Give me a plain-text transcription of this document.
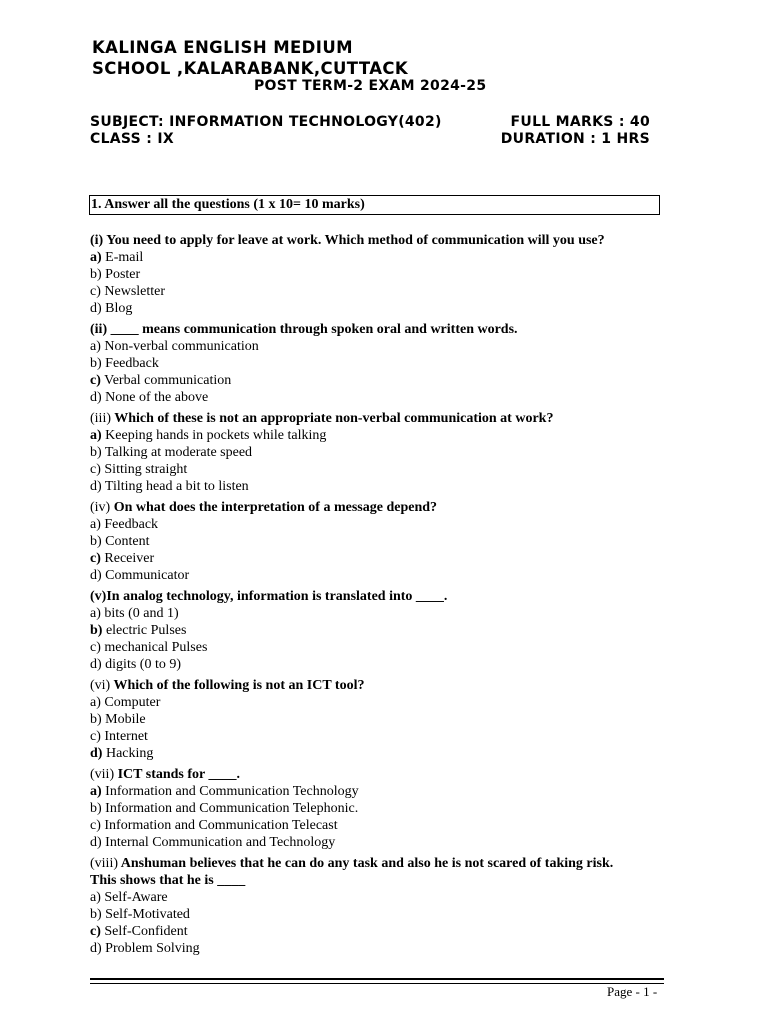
KALINGA ENGLISH MEDIUM
SCHOOL ,KALARABANK,CUTTACK
POST TERM-2 EXAM 2024-25
SUBJECT: INFORMATION TECHNOLOGY(402)
CLASS : IX
FULL MARKS : 40
DURATION : 1 HRS
1. Answer all the questions (1 x 10= 10 marks)
(i) You need to apply for leave at work. Which method of communication will you use?
a) E-mail
b) Poster
c) Newsletter
d) Blog
(ii) ____ means communication through spoken oral and written words.
a) Non-verbal communication
b) Feedback
c) Verbal communication
d) None of the above
(iii) Which of these is not an appropriate non-verbal communication at work?
a) Keeping hands in pockets while talking
b) Talking at moderate speed
c) Sitting straight
d) Tilting head a bit to listen
(iv) On what does the interpretation of a message depend?
a) Feedback
b) Content
c) Receiver
d) Communicator
(v)In analog technology, information is translated into ____.
a) bits (0 and 1)
b) electric Pulses
c) mechanical Pulses
d) digits (0 to 9)
(vi) Which of the following is not an ICT tool?
a) Computer
b) Mobile
c) Internet
d) Hacking
(vii) ICT stands for ____.
a) Information and Communication Technology
b) Information and Communication Telephonic.
c) Information and Communication Telecast
d) Internal Communication and Technology
(viii) Anshuman believes that he can do any task and also he is not scared of taking risk.
This shows that he is ____
a) Self-Aware
b) Self-Motivated
c) Self-Confident
d) Problem Solving
Page - 1 -
